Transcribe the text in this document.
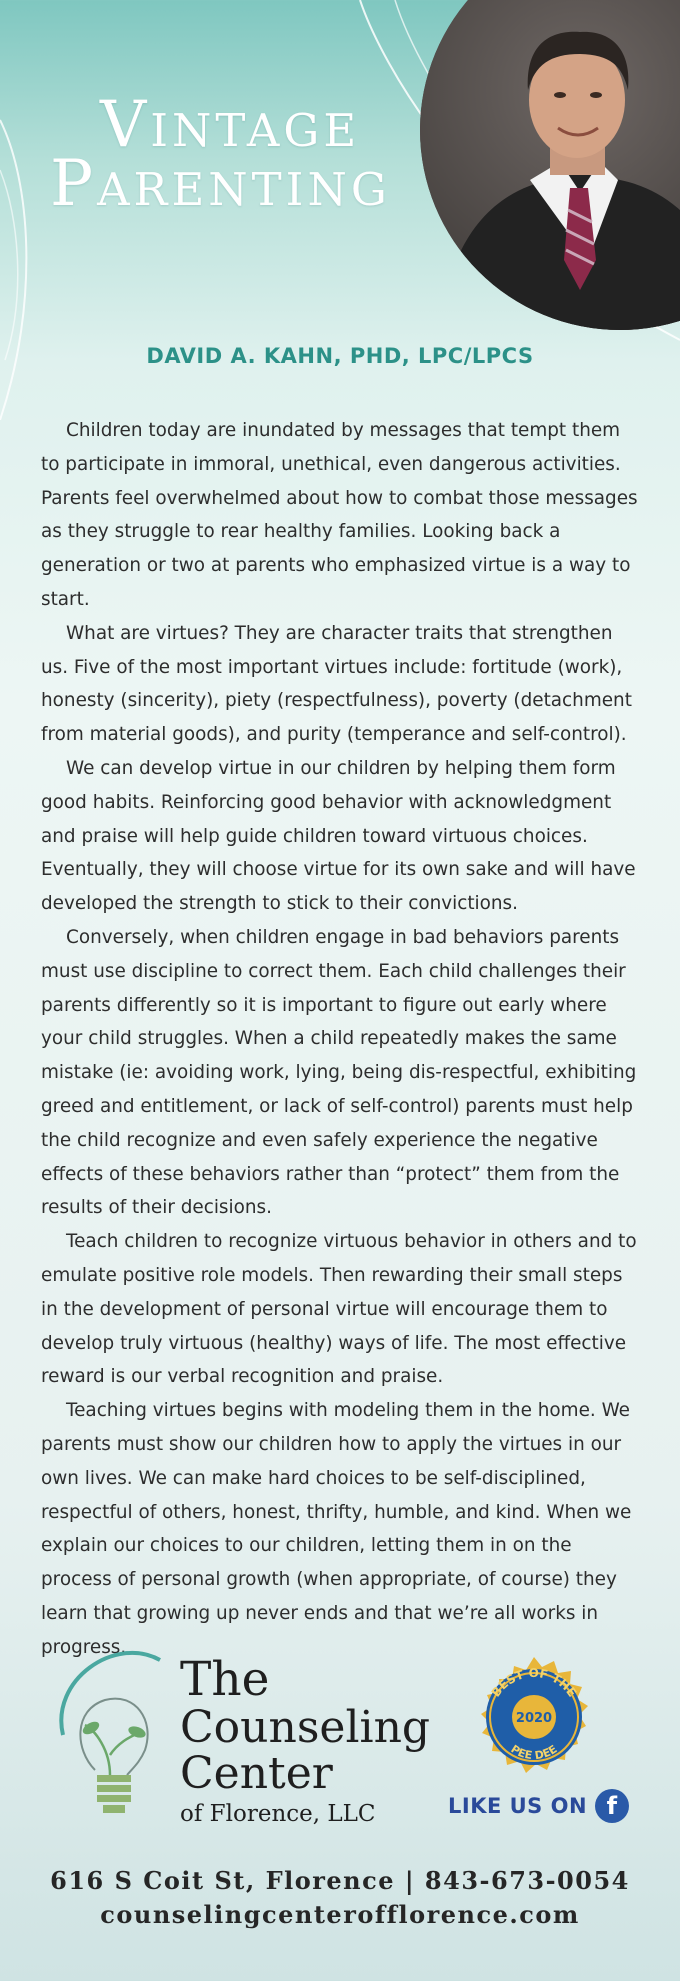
Vintage
Parenting
DAVID A. KAHN, PHD, LPC/LPCS

Children today are inundated by messages that tempt them to participate in immoral, unethical, even dangerous activities. Parents feel overwhelmed about how to combat those messages as they struggle to rear healthy families. Looking back a generation or two at parents who emphasized virtue is a way to start.

What are virtues? They are character traits that strengthen us. Five of the most important virtues include: fortitude (work), honesty (sincerity), piety (respectfulness), poverty (detachment from material goods), and purity (temperance and self-control).

We can develop virtue in our children by helping them form good habits. Reinforcing good behavior with acknowledgment and praise will help guide children toward virtuous choices. Eventually, they will choose virtue for its own sake and will have developed the strength to stick to their convictions.

Conversely, when children engage in bad behaviors parents must use discipline to correct them. Each child challenges their parents differently so it is important to figure out early where your child struggles. When a child repeatedly makes the same mistake (ie: avoiding work, lying, being dis-respectful, exhibiting greed and entitlement, or lack of self-control) parents must help the child recognize and even safely experience the negative effects of these behaviors rather than “protect” them from the results of their decisions.

Teach children to recognize virtuous behavior in others and to emulate positive role models. Then rewarding their small steps in the development of personal virtue will encourage them to develop truly virtuous (healthy) ways of life. The most effective reward is our verbal recognition and praise.

Teaching virtues begins with modeling them in the home. We parents must show our children how to apply the virtues in our own lives. We can make hard choices to be self-disciplined, respectful of others, honest, thrifty, humble, and kind. When we explain our choices to our children, letting them in on the process of personal growth (when appropriate, of course) they learn that growing up never ends and that we’re all works in progress.

The
Counseling
Center
of Florence, LLC
BEST OF THE
2020
PEE DEE
LIKE US ON f
616 S Coit St, Florence | 843-673-0054
counselingcenterofflorence.com
